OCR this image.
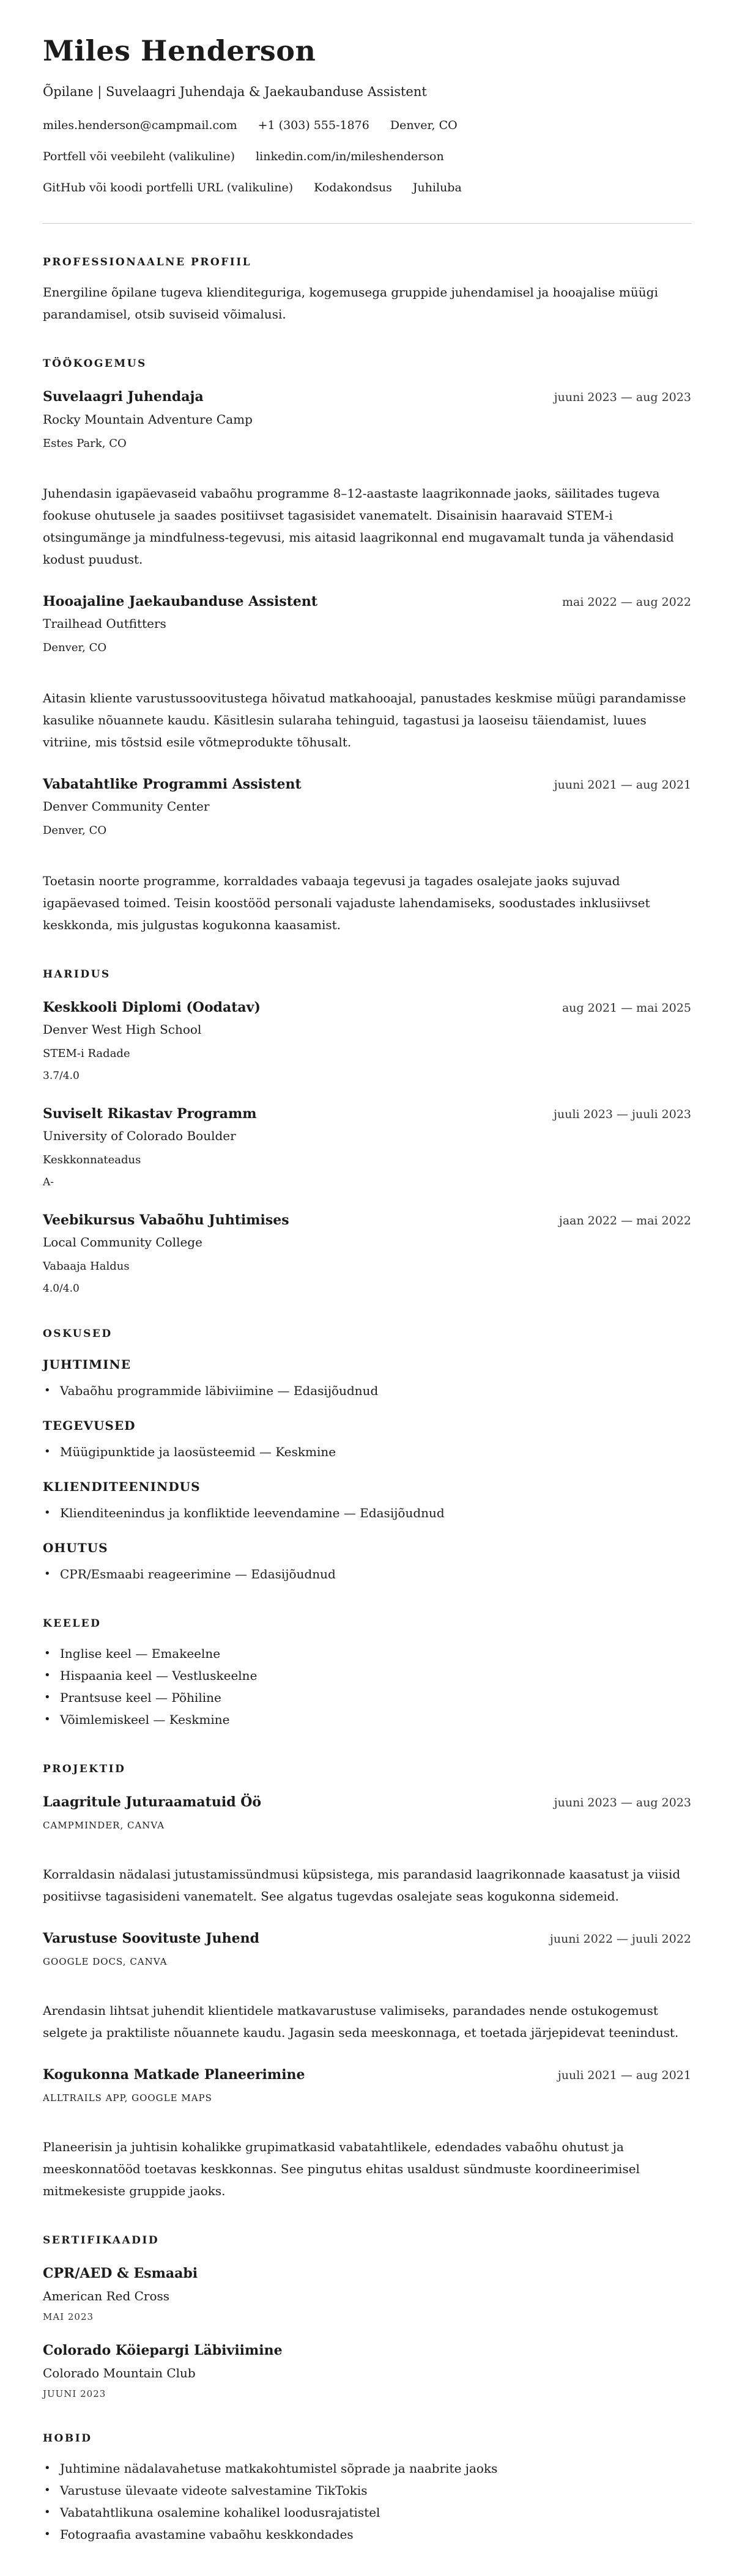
Miles Henderson
Õpilane | Suvelaagri Juhendaja & Jaekaubanduse Assistent
miles.henderson@campmail.com +1 (303) 555-1876 Denver, CO
Portfell või veebileht (valikuline) linkedin.com/in/mileshenderson
GitHub või koodi portfelli URL (valikuline) Kodakondsus Juhiluba
PROFESSIONAALNE PROFIIL

Energiline õpilane tugeva klienditeguriga, kogemusega gruppide juhendamisel ja hooajalise müügi parandamisel, otsib suviseid võimalusi.

TÖÖKOGEMUS
Suvelaagri Juhendaja	juuni 2023 — aug 2023
Rocky Mountain Adventure Camp
Estes Park, CO

Juhendasin igapäevaseid vabaõhu programme 8–12-aastaste laagrikonnade jaoks, säilitades tugeva fookuse ohutusele ja saades positiivset tagasisidet vanematelt. Disainisin haaravaid STEM-i otsingumänge ja mindfulness-tegevusi, mis aitasid laagrikonnal end mugavamalt tunda ja vähendasid kodust puudust.

Hooajaline Jaekaubanduse Assistent	mai 2022 — aug 2022
Trailhead Outfitters
Denver, CO

Aitasin kliente varustussoovitustega hõivatud matkahooajal, panustades keskmise müügi parandamisse kasulike nõuannete kaudu. Käsitlesin sularaha tehinguid, tagastusi ja laoseisu täiendamist, luues vitriine, mis tõstsid esile võtmeprodukte tõhusalt.

Vabatahtlike Programmi Assistent	juuni 2021 — aug 2021
Denver Community Center
Denver, CO

Toetasin noorte programme, korraldades vabaaja tegevusi ja tagades osalejate jaoks sujuvad igapäevased toimed. Teisin koostööd personali vajaduste lahendamiseks, soodustades inklusiivset keskkonda, mis julgustas kogukonna kaasamist.

HARIDUS
Keskkooli Diplomi (Oodatav)	aug 2021 — mai 2025
Denver West High School
STEM-i Radade
3.7/4.0
Suviselt Rikastav Programm	juuli 2023 — juuli 2023
University of Colorado Boulder
Keskkonnateadus
A-
Veebikursus Vabaõhu Juhtimises	jaan 2022 — mai 2022
Local Community College
Vabaaja Haldus
4.0/4.0
OSKUSED
JUHTIMINE
• Vabaõhu programmide läbiviimine — Edasijõudnud
TEGEVUSED
• Müügipunktide ja laosüsteemid — Keskmine
KLIENDITEENINDUS
• Klienditeenindus ja konfliktide leevendamine — Edasijõudnud
OHUTUS
• CPR/Esmaabi reageerimine — Edasijõudnud
KEELED
• Inglise keel — Emakeelne
• Hispaania keel — Vestluskeelne
• Prantsuse keel — Põhiline
• Võimlemiskeel — Keskmine
PROJEKTID
Laagritule Juturaamatuid Öö	juuni 2023 — aug 2023
CAMPMINDER, CANVA

Korraldasin nädalasi jutustamissündmusi küpsistega, mis parandasid laagrikonnade kaasatust ja viisid positiivse tagasisideni vanematelt. See algatus tugevdas osalejate seas kogukonna sidemeid.

Varustuse Soovituste Juhend	juuni 2022 — juuli 2022
GOOGLE DOCS, CANVA

Arendasin lihtsat juhendit klientidele matkavarustuse valimiseks, parandades nende ostukogemust selgete ja praktiliste nõuannete kaudu. Jagasin seda meeskonnaga, et toetada järjepidevat teenindust.

Kogukonna Matkade Planeerimine	juuli 2021 — aug 2021
ALLTRAILS APP, GOOGLE MAPS

Planeerisin ja juhtisin kohalikke grupimatkasid vabatahtlikele, edendades vabaõhu ohutust ja meeskonnatööd toetavas keskkonnas. See pingutus ehitas usaldust sündmuste koordineerimisel mitmekesiste gruppide jaoks.

SERTIFIKAADID
CPR/AED & Esmaabi
American Red Cross
MAI 2023
Colorado Köiepargi Läbiviimine
Colorado Mountain Club
JUUNI 2023
HOBID
• Juhtimine nädalavahetuse matkakohtumistel sõprade ja naabrite jaoks
• Varustuse ülevaate videote salvestamine TikTokis
• Vabatahtlikuna osalemine kohalikel loodusrajatistel
• Fotograafia avastamine vabaõhu keskkondades
